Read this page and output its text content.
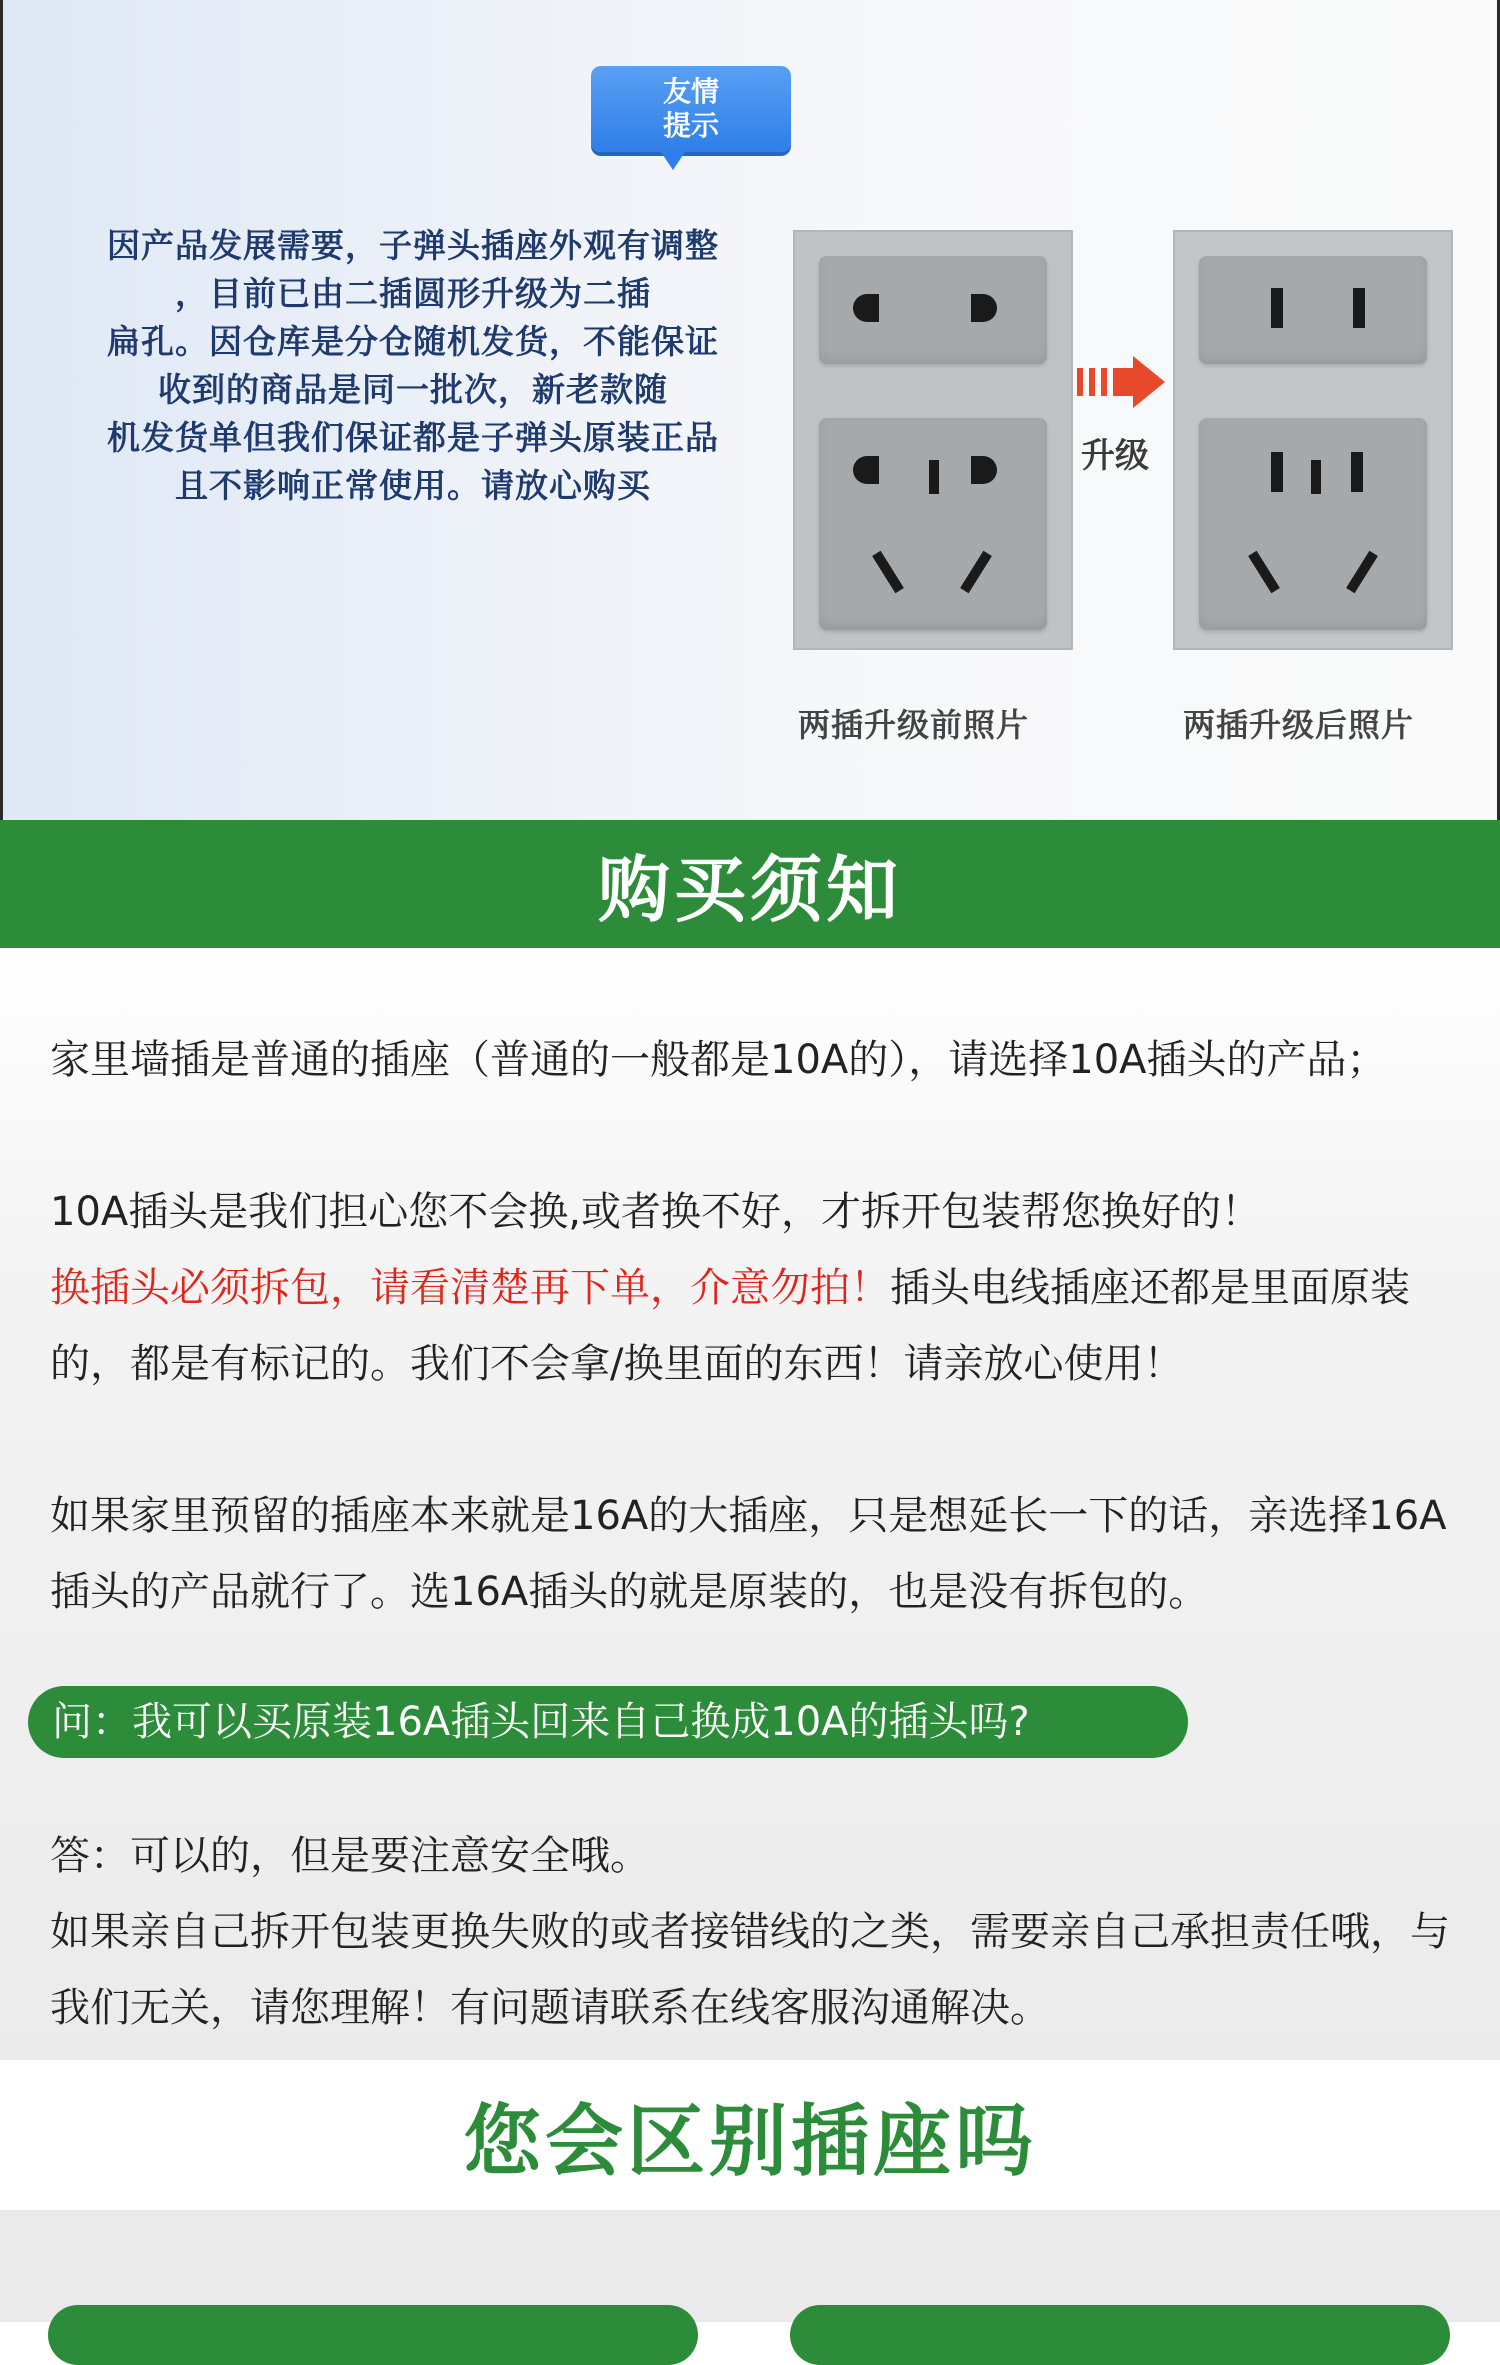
友情
提示
因产品发展需要，子弹头插座外观有调整
，目前已由二插圆形升级为二插
扁孔。因仓库是分仓随机发货，不能保证
收到的商品是同一批次，新老款随
机发货单但我们保证都是子弹头原装正品
且不影响正常使用。请放心购买
升级
两插升级前照片	两插升级后照片
购买须知

家里墙插是普通的插座（普通的一般都是10A的），请选择10A插头的产品；

10A插头是我们担心您不会换,或者换不好，才拆开包装帮您换好的！

换插头必须拆包，请看清楚再下单，介意勿拍！插头电线插座还都是里面原装的，都是有标记的。我们不会拿/换里面的东西！请亲放心使用！

如果家里预留的插座本来就是16A的大插座，只是想延长一下的话，亲选择16A插头的产品就行了。选16A插头的就是原装的，也是没有拆包的。

问：我可以买原装16A插头回来自己换成10A的插头吗?

答：可以的，但是要注意安全哦。

如果亲自己拆开包装更换失败的或者接错线的之类，需要亲自己承担责任哦，与我们无关，请您理解！有问题请联系在线客服沟通解决。

您会区别插座吗
